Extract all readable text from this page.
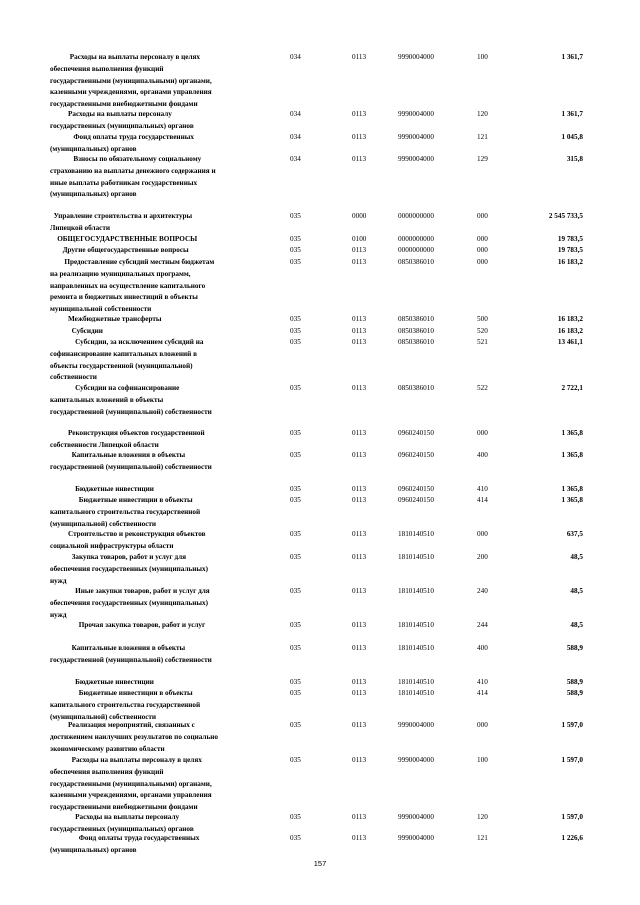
Расходы на выплаты персоналу в целях
обеспечения выполнения функций
государственными (муниципальными) органами,
казенными учреждениями, органами управления
государственными внебюджетными фондами
034	0113	9990004000	100	1 361,7
Расходы на выплаты персоналу
государственных (муниципальных) органов
034	0113	9990004000	120	1 361,7
Фонд оплаты труда государственных
(муниципальных) органов
034	0113	9990004000	121	1 045,8
Взносы по обязательному социальному
страхованию на выплаты денежного содержания и
иные выплаты работникам государственных
(муниципальных) органов
034	0113	9990004000	129	315,8
Управление строительства и архитектуры
Липецкой области
035	0000	0000000000	000	2 545 733,5
ОБЩЕГОСУДАРСТВЕННЫЕ ВОПРОСЫ	035	0100	0000000000	000	19 783,5
Другие общегосударственные вопросы	035	0113	0000000000	000	19 783,5
Предоставление субсидий местным бюджетам
на реализацию муниципальных программ,
направленных на осуществление капитального
ремонта и бюджетных инвестиций в объекты
муниципальной собственности
035	0113	0850386010	000	16 183,2
Межбюджетные трансферты	035	0113	0850386010	500	16 183,2
Субсидии	035	0113	0850386010	520	16 183,2
Субсидии, за исключением субсидий на
софинансирование капитальных вложений в
объекты государственной (муниципальной)
собственности
035	0113	0850386010	521	13 461,1
Субсидии на софинансирование
капитальных вложений в объекты
государственной (муниципальной) собственности
035	0113	0850386010	522	2 722,1
Реконструкция объектов государственной
собственности Липецкой области
035	0113	0960240150	000	1 365,8
Капитальные вложения в объекты
государственной (муниципальной) собственности
035	0113	0960240150	400	1 365,8
Бюджетные инвестиции	035	0113	0960240150	410	1 365,8
Бюджетные инвестиции в объекты
капитального строительства государственной
(муниципальной) собственности
035	0113	0960240150	414	1 365,8
Строительство и реконструкция объектов
социальной инфраструктуры области
035	0113	1810140510	000	637,5
Закупка товаров, работ и услуг для
обеспечения государственных (муниципальных)
нужд
035	0113	1810140510	200	48,5
Иные закупки товаров, работ и услуг для
обеспечения государственных (муниципальных)
нужд
035	0113	1810140510	240	48,5
Прочая закупка товаров, работ и услуг	035	0113	1810140510	244	48,5
Капитальные вложения в объекты
государственной (муниципальной) собственности
035	0113	1810140510	400	588,9
Бюджетные инвестиции	035	0113	1810140510	410	588,9
Бюджетные инвестиции в объекты
капитального строительства государственной
(муниципальной) собственности
035	0113	1810140510	414	588,9
Реализация мероприятий, связанных с
достижением наилучших результатов по социально
экономическому развитию области
035	0113	9990004000	000	1 597,0
Расходы на выплаты персоналу в целях
обеспечения выполнения функций
государственными (муниципальными) органами,
казенными учреждениями, органами управления
государственными внебюджетными фондами
035	0113	9990004000	100	1 597,0
Расходы на выплаты персоналу
государственных (муниципальных) органов
035	0113	9990004000	120	1 597,0
Фонд оплаты труда государственных
(муниципальных) органов
035	0113	9990004000	121	1 226,6
157
